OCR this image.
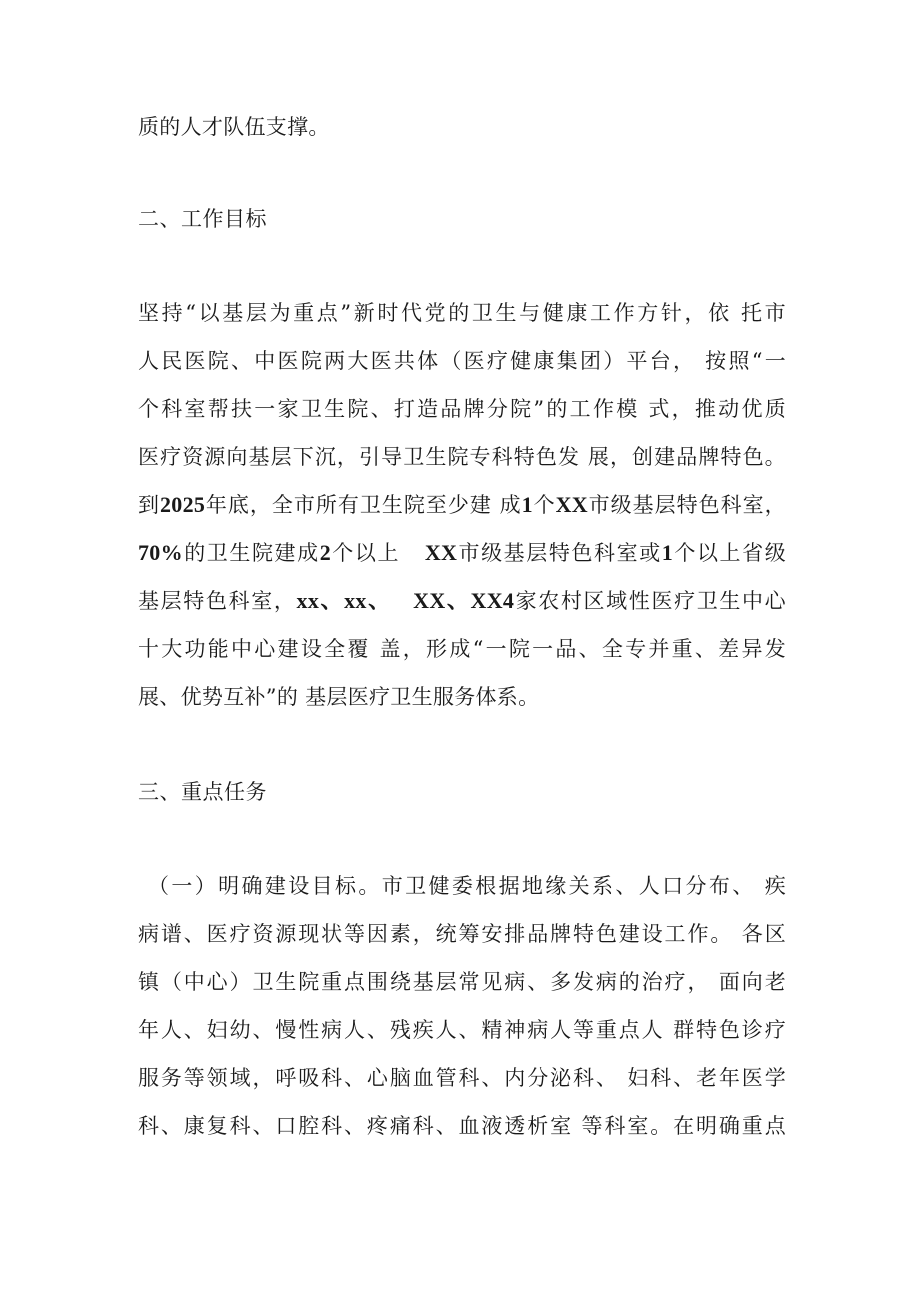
质的人才队伍支撑。
二、工作目标
坚持“以基层为重点”新时代党的卫生与健康工作方针，依 托市
人民医院、中医院两大医共体（医疗健康集团）平台， 按照“一
个科室帮扶一家卫生院、打造品牌分院”的工作模 式，推动优质
医疗资源向基层下沉，引导卫生院专科特色发 展，创建品牌特色。
到2025年底，全市所有卫生院至少建 成1个XX市级基层特色科室，
70%的卫生院建成2个以上   XX市级基层特色科室或1个以上省级
基层特色科室，xx、xx、   XX、XX4家农村区域性医疗卫生中心
十大功能中心建设全覆 盖，形成“一院一品、全专并重、差异发
展、优势互补”的 基层医疗卫生服务体系。
三、重点任务
（一）明确建设目标。市卫健委根据地缘关系、人口分布、 疾
病谱、医疗资源现状等因素，统筹安排品牌特色建设工作。 各区
镇（中心）卫生院重点围绕基层常见病、多发病的治疗， 面向老
年人、妇幼、慢性病人、残疾人、精神病人等重点人 群特色诊疗
服务等领域，呼吸科、心脑血管科、内分泌科、 妇科、老年医学
科、康复科、口腔科、疼痛科、血液透析室 等科室。在明确重点
